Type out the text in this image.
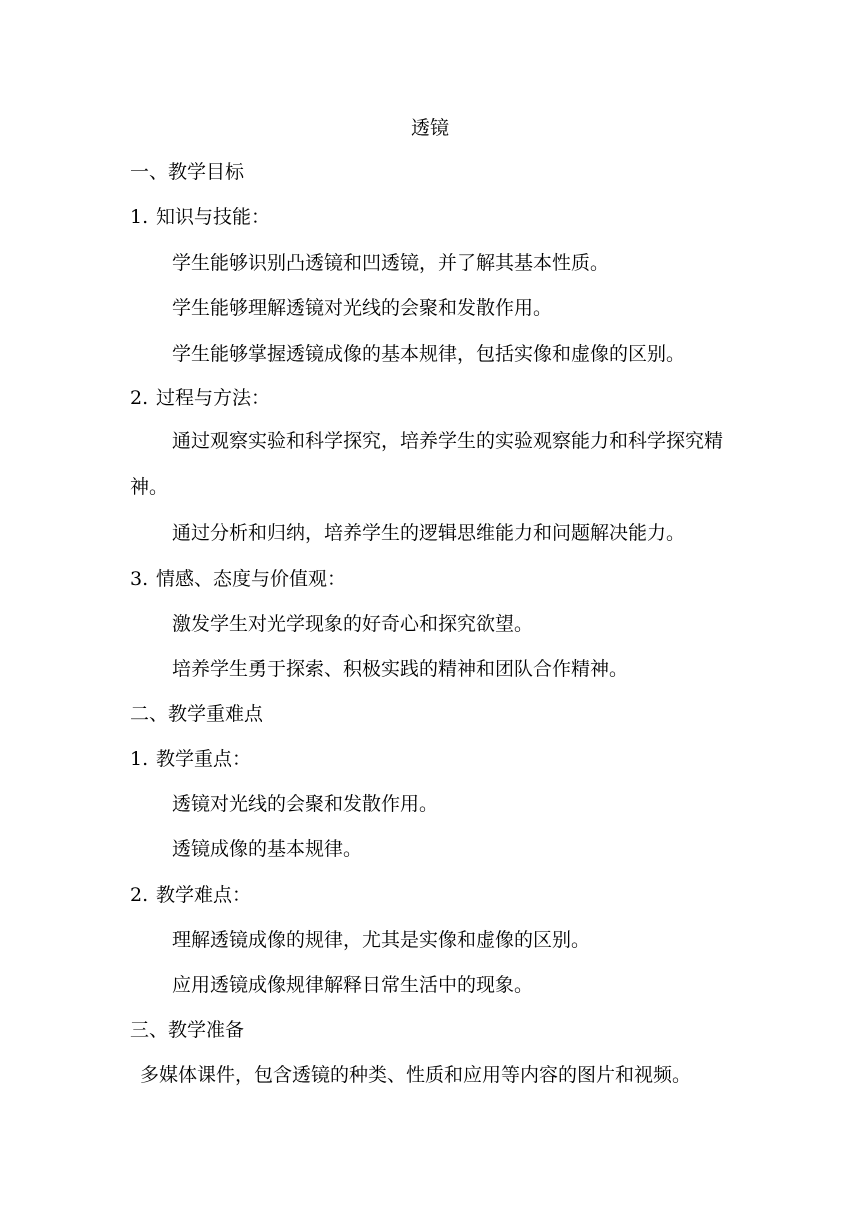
透镜
一、教学目标
1. 知识与技能：
学生能够识别凸透镜和凹透镜，并了解其基本性质。
学生能够理解透镜对光线的会聚和发散作用。
学生能够掌握透镜成像的基本规律，包括实像和虚像的区别。
2. 过程与方法：
通过观察实验和科学探究，培养学生的实验观察能力和科学探究精神。
通过分析和归纳，培养学生的逻辑思维能力和问题解决能力。
3. 情感、态度与价值观：
激发学生对光学现象的好奇心和探究欲望。
培养学生勇于探索、积极实践的精神和团队合作精神。
二、教学重难点
1. 教学重点：
透镜对光线的会聚和发散作用。
透镜成像的基本规律。
2. 教学难点：
理解透镜成像的规律，尤其是实像和虚像的区别。
应用透镜成像规律解释日常生活中的现象。
三、教学准备
多媒体课件，包含透镜的种类、性质和应用等内容的图片和视频。
